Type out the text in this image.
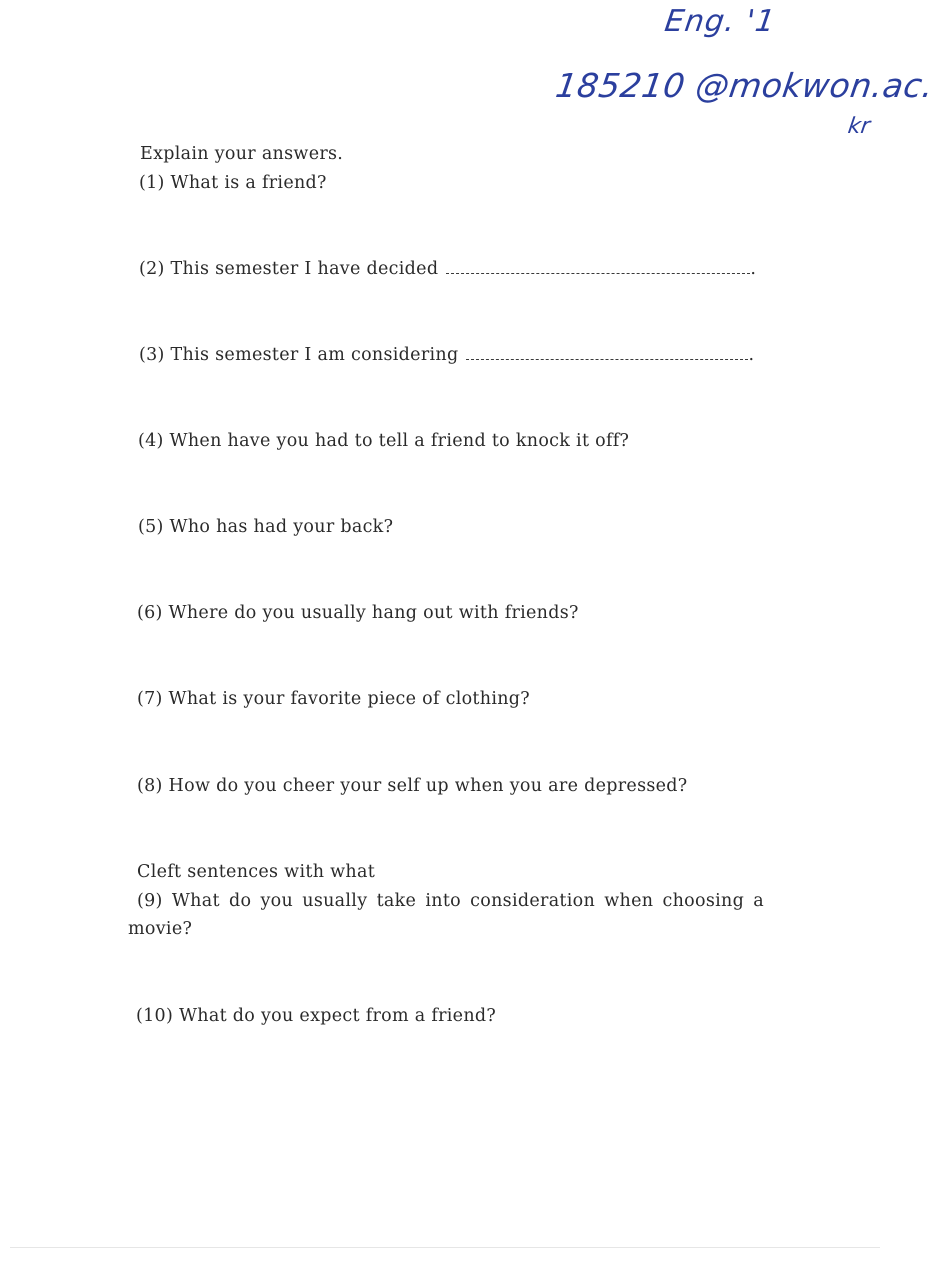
Eng. '1
185210 @mokwon.ac.
kr
Explain your answers.
(1) What is a friend?
(2) This semester I have decided	.
(3) This semester I am considering	.
(4) When have you had to tell a friend to knock it off?
(5) Who has had your back?
(6) Where do you usually hang out with friends?
(7) What is your favorite piece of clothing?
(8) How do you cheer your self up when you are depressed?
Cleft sentences with what
(9) What do you usually take into consideration when choosing a
movie?
(10) What do you expect from a friend?
